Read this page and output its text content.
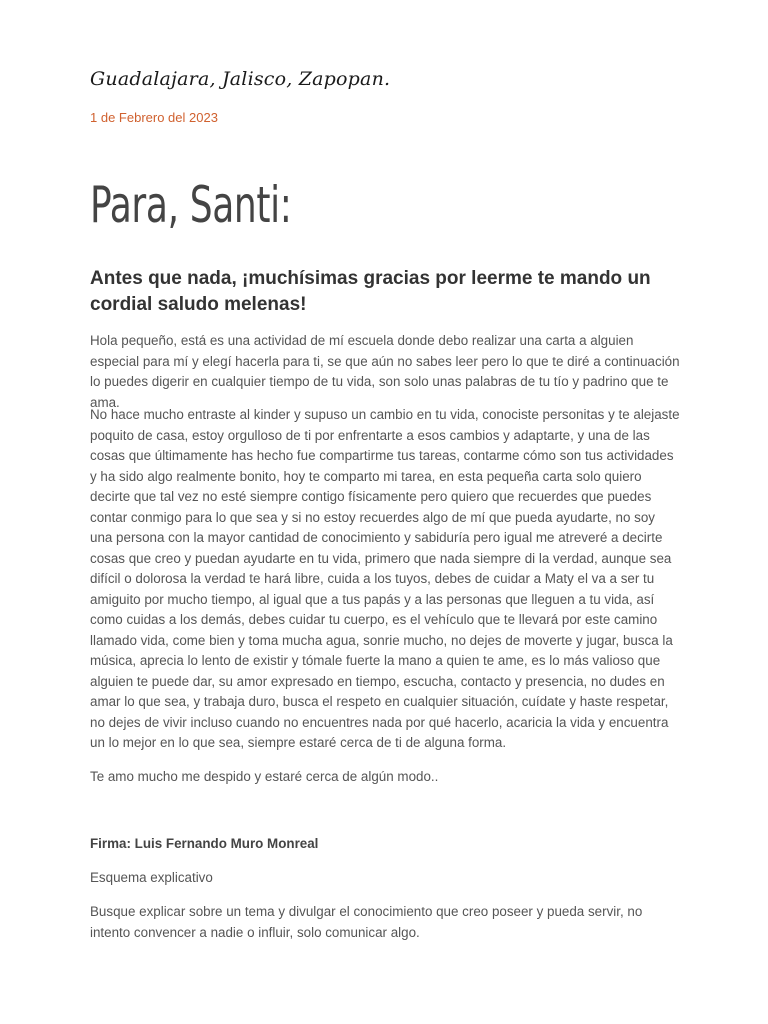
Guadalajara, Jalisco, Zapopan.
1 de Febrero del 2023
Para, Santi:
Antes que nada, ¡muchísimas gracias por leerme te mando un cordial saludo melenas!

Hola pequeño, está es una actividad de mí escuela donde debo realizar una carta a alguien especial para mí y elegí hacerla para ti, se que aún no sabes leer pero lo que te diré a continuación lo puedes digerir en cualquier tiempo de tu vida, son solo unas palabras de tu tío y padrino que te ama.

No hace mucho entraste al kinder y supuso un cambio en tu vida, conociste personitas y te alejaste poquito de casa, estoy orgulloso de ti por enfrentarte a esos cambios y adaptarte, y una de las cosas que últimamente has hecho fue compartirme tus tareas, contarme cómo son tus actividades y ha sido algo realmente bonito, hoy te comparto mi tarea, en esta pequeña carta solo quiero decirte que tal vez no esté siempre contigo físicamente pero quiero que recuerdes que puedes contar conmigo para lo que sea y si no estoy recuerdes algo de mí que pueda ayudarte, no soy una persona con la mayor cantidad de conocimiento y sabiduría pero igual me atreveré a decirte cosas que creo y puedan ayudarte en tu vida, primero que nada siempre di la verdad, aunque sea difícil o dolorosa la verdad te hará libre, cuida a los tuyos, debes de cuidar a Maty el va a ser tu amiguito por mucho tiempo, al igual que a tus papás y a las personas que lleguen a tu vida, así como cuidas a los demás, debes cuidar tu cuerpo, es el vehículo que te llevará por este camino llamado vida, come bien y toma mucha agua, sonrie mucho, no dejes de moverte y jugar, busca la música, aprecia lo lento de existir y tómale fuerte la mano a quien te ame, es lo más valioso que alguien te puede dar, su amor expresado en tiempo, escucha, contacto y presencia, no dudes en amar lo que sea, y trabaja duro, busca el respeto en cualquier situación, cuídate y haste respetar, no dejes de vivir incluso cuando no encuentres nada por qué hacerlo, acaricia la vida y encuentra un lo mejor en lo que sea, siempre estaré cerca de ti de alguna forma.

Te amo mucho me despido y estaré cerca de algún modo..

Firma: Luis Fernando Muro Monreal

Esquema explicativo

Busque explicar sobre un tema y divulgar el conocimiento que creo poseer y pueda servir, no intento convencer a nadie o influir, solo comunicar algo.
